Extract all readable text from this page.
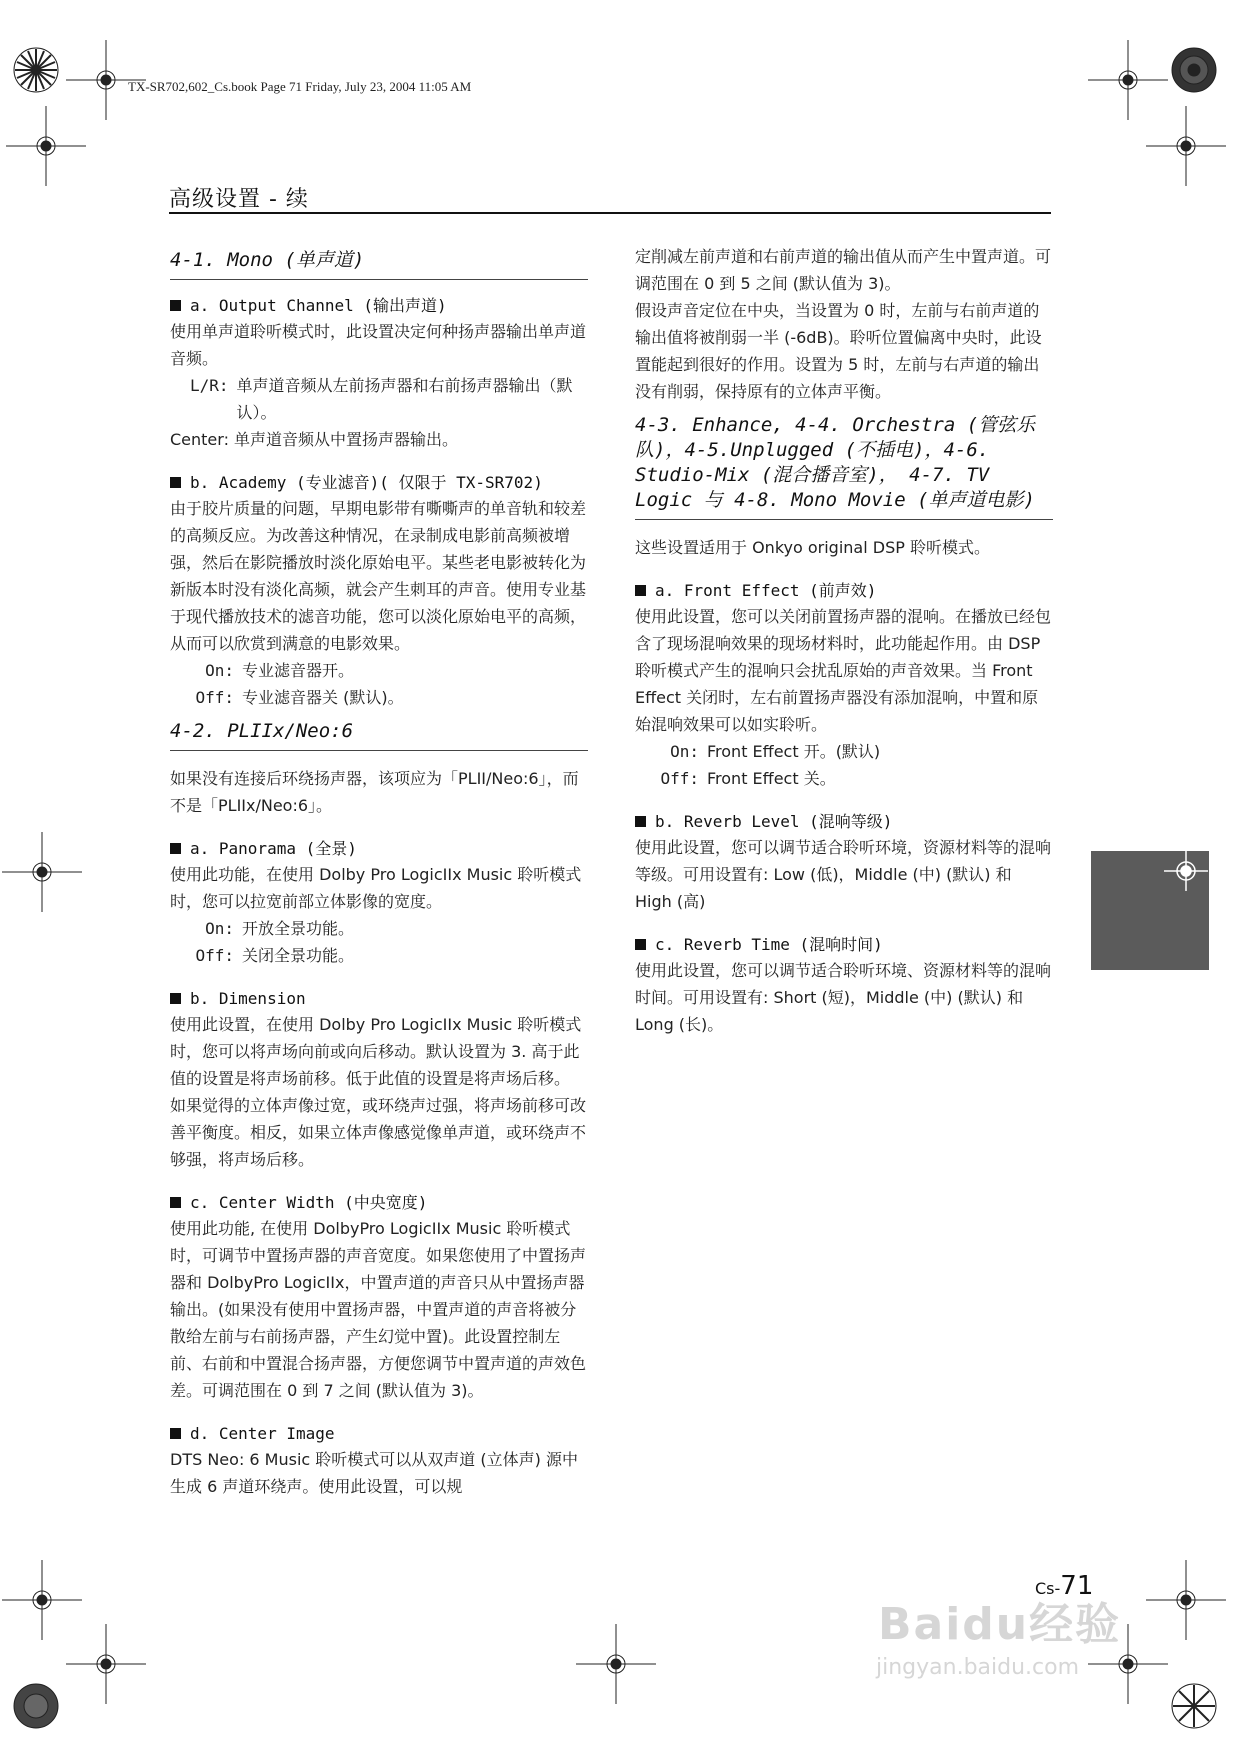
TX-SR702,602_Cs.book Page 71 Friday, July 23, 2004 11:05 AM
高级设置 - 续
4-1. Mono (单声道)
a. Output Channel (输出声道)

使用单声道聆听模式时，此设置决定何种扬声器输出单声道音频。

L/R: 单声道音频从左前扬声器和右前扬声器输出（默认）。

Center: 单声道音频从中置扬声器输出。

b. Academy (专业滤音)( 仅限于 TX-SR702)

由于胶片质量的问题，早期电影带有嘶嘶声的单音轨和较差的高频反应。为改善这种情况，在录制成电影前高频被增强，然后在影院播放时淡化原始电平。某些老电影被转化为新版本时没有淡化高频，就会产生刺耳的声音。使用专业基于现代播放技术的滤音功能，您可以淡化原始电平的高频，从而可以欣赏到满意的电影效果。

On: 专业滤音器开。
Off: 专业滤音器关 (默认)。
4-2. PLIIx/Neo:6

如果没有连接后环绕扬声器，该项应为「PLII/Neo:6」，而不是「PLIIx/Neo:6」。

a. Panorama (全景)

使用此功能，在使用 Dolby Pro LogicIIx Music 聆听模式时，您可以拉宽前部立体影像的宽度。

On: 开放全景功能。
Off: 关闭全景功能。
b. Dimension

使用此设置，在使用 Dolby Pro LogicIIx Music 聆听模式时，您可以将声场向前或向后移动。默认设置为 3. 高于此值的设置是将声场前移。低于此值的设置是将声场后移。

如果觉得的立体声像过宽，或环绕声过强，将声场前移可改善平衡度。相反，如果立体声像感觉像单声道，或环绕声不够强，将声场后移。

c. Center Width (中央宽度)

使用此功能, 在使用 DolbyPro LogicIIx Music 聆听模式时，可调节中置扬声器的声音宽度。如果您使用了中置扬声器和 DolbyPro LogicIIx，中置声道的声音只从中置扬声器输出。(如果没有使用中置扬声器，中置声道的声音将被分散给左前与右前扬声器，产生幻觉中置)。此设置控制左前、右前和中置混合扬声器，方便您调节中置声道的声效色差。可调范围在 0 到 7 之间 (默认值为 3)。

d. Center Image

DTS Neo: 6 Music 聆听模式可以从双声道 (立体声) 源中生成 6 声道环绕声。使用此设置，可以规

定削减左前声道和右前声道的输出值从而产生中置声道。可调范围在 0 到 5 之间 (默认值为 3)。

假设声音定位在中央，当设置为 0 时，左前与右前声道的输出值将被削弱一半 (-6dB)。聆听位置偏离中央时，此设置能起到很好的作用。设置为 5 时，左前与右声道的输出没有削弱，保持原有的立体声平衡。

4-3. Enhance, 4-4. Orchestra (管弦乐队)，4-5.Unplugged (不插电)，4-6. Studio-Mix (混合播音室)， 4-7. TV Logic 与 4-8. Mono Movie (单声道电影)

这些设置适用于 Onkyo original DSP 聆听模式。

a. Front Effect (前声效)

使用此设置，您可以关闭前置扬声器的混响。在播放已经包含了现场混响效果的现场材料时，此功能起作用。由 DSP 聆听模式产生的混响只会扰乱原始的声音效果。当 Front Effect 关闭时，左右前置扬声器没有添加混响，中置和原始混响效果可以如实聆听。

On: Front Effect 开。(默认)
Off: Front Effect 关。
b. Reverb Level (混响等级)

使用此设置，您可以调节适合聆听环境，资源材料等的混响等级。可用设置有: Low (低)，Middle (中) (默认) 和 High (高)

c. Reverb Time (混响时间)

使用此设置，您可以调节适合聆听环境、资源材料等的混响时间。可用设置有: Short (短)，Middle (中) (默认) 和 Long (长)。

Cs-71
Baidu经验
jingyan.baidu.com
